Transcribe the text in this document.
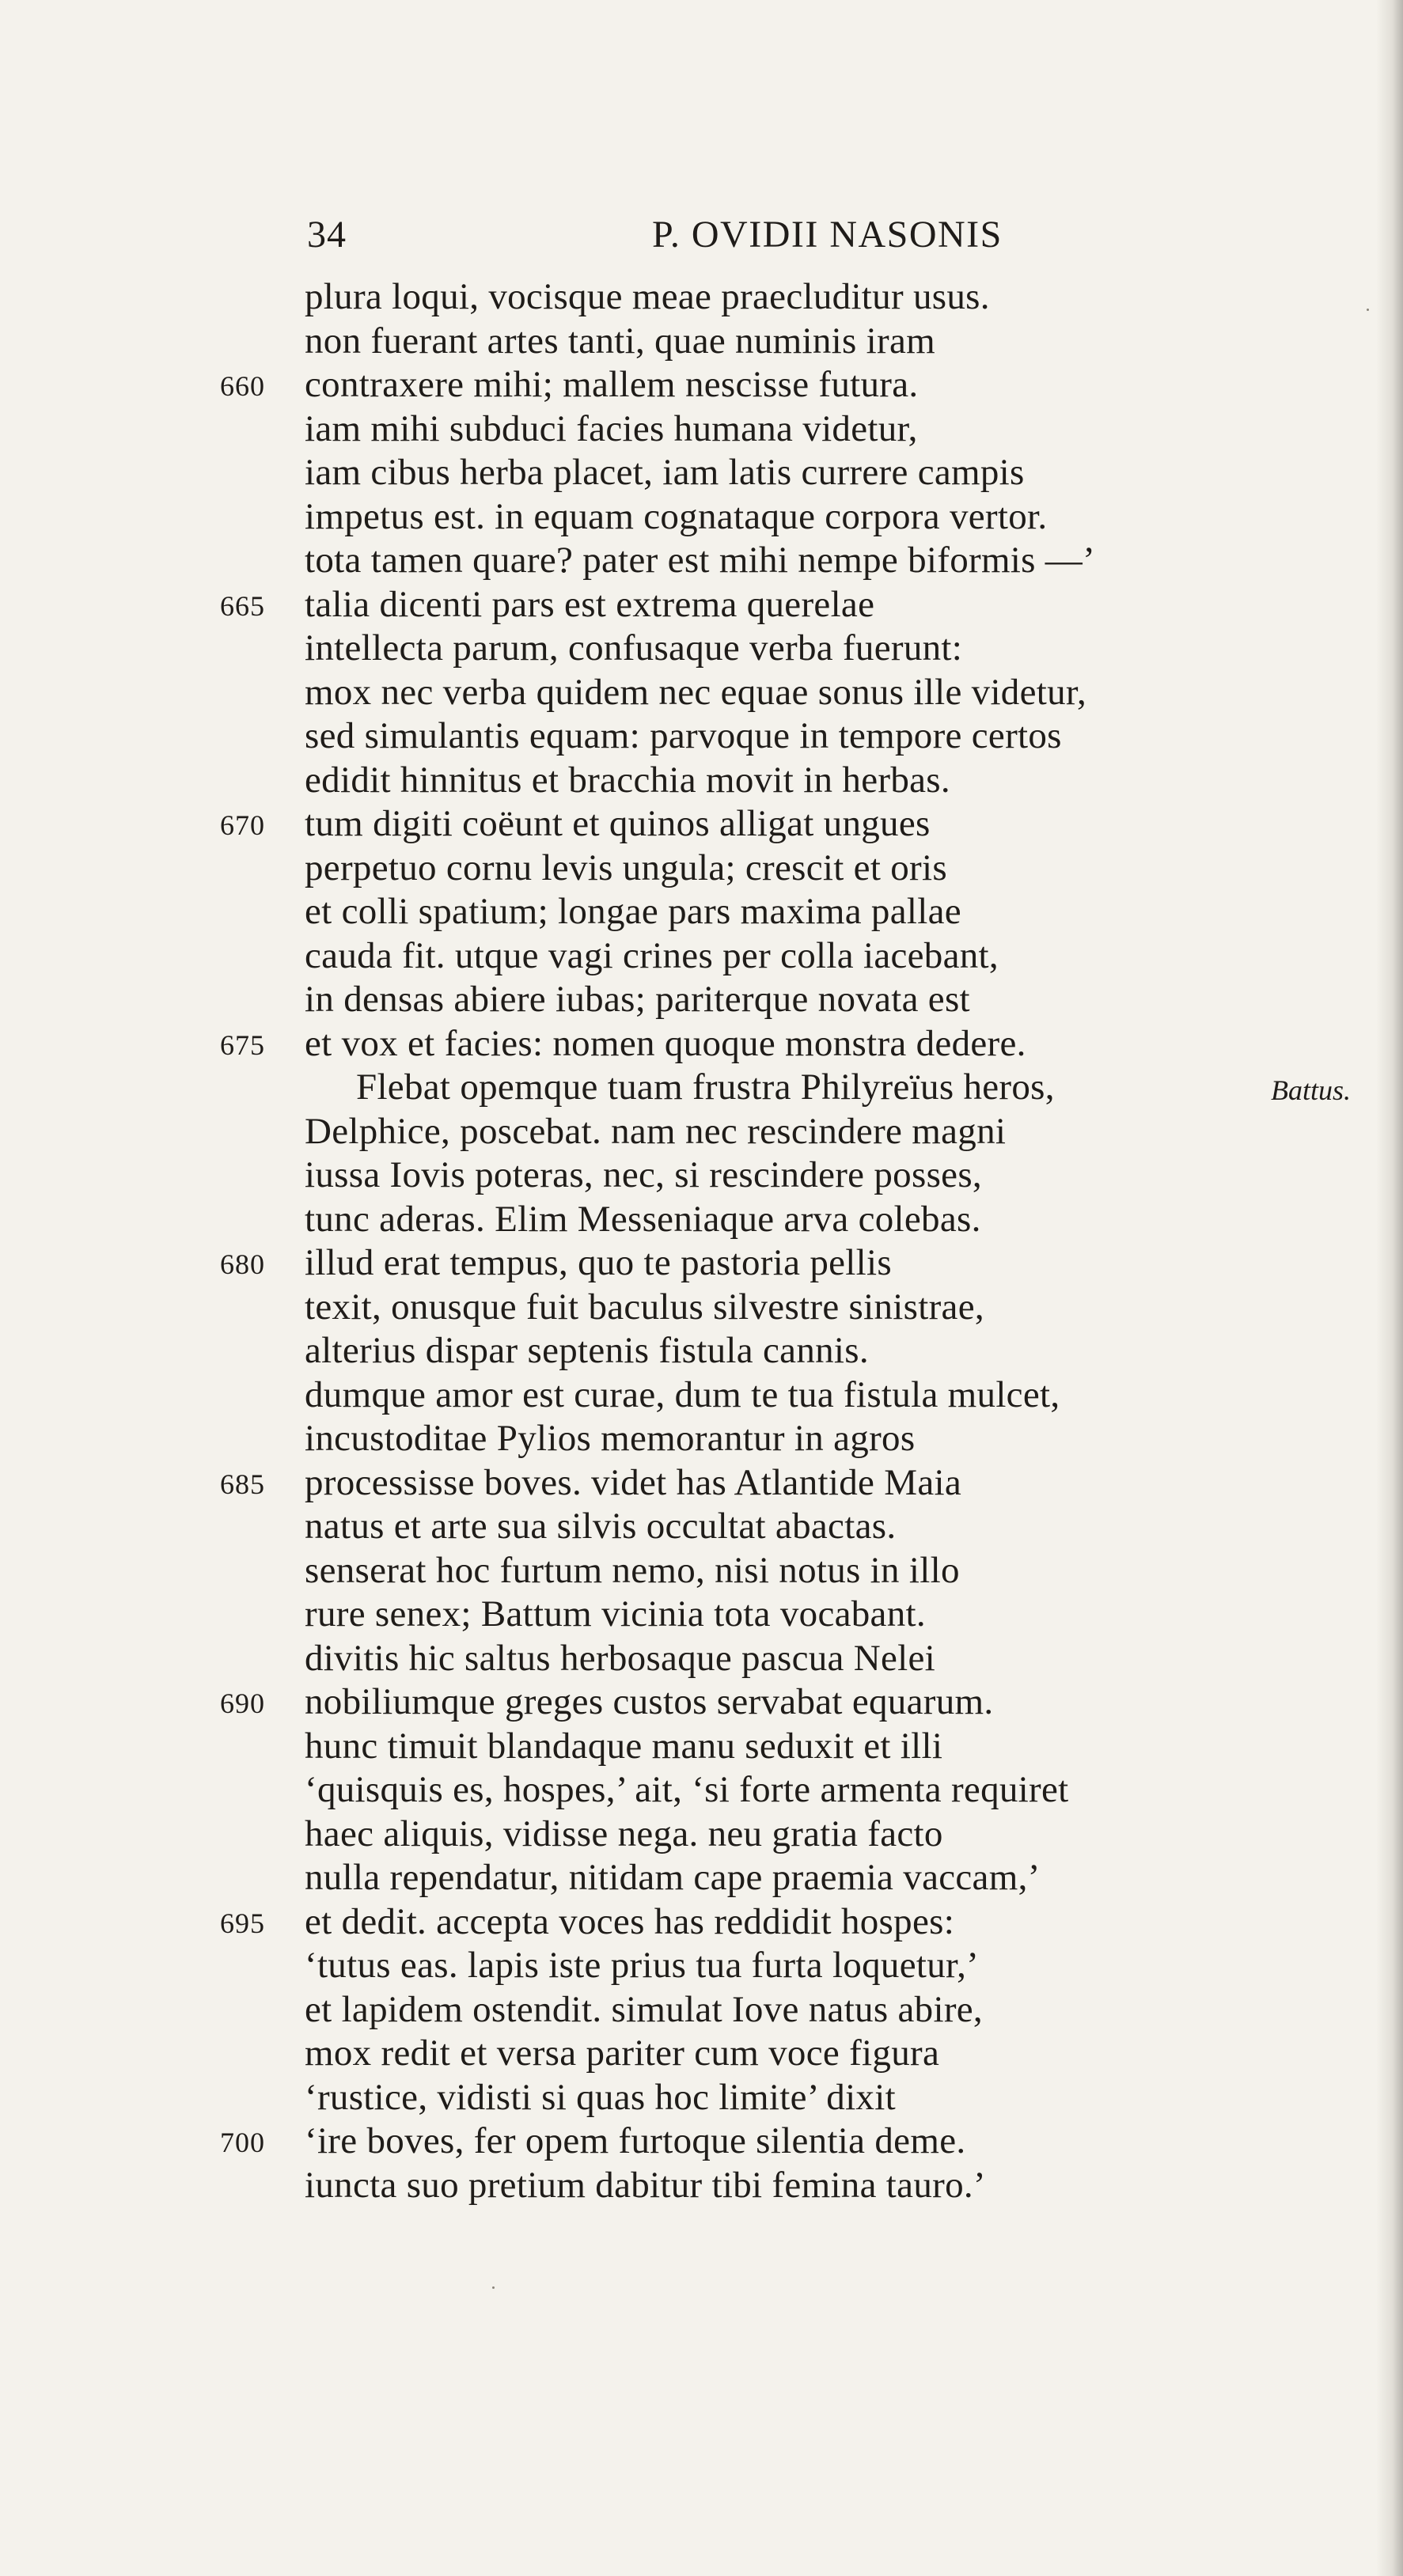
34	P. OVIDII NASONIS
plura loqui, vocisque meae praecluditur usus.
non fuerant artes tanti, quae numinis iram
660 contraxere mihi; mallem nescisse futura.
iam mihi subduci facies humana videtur,
iam cibus herba placet, iam latis currere campis
impetus est. in equam cognataque corpora vertor.
tota tamen quare? pater est mihi nempe biformis —’
665 talia dicenti pars est extrema querelae
intellecta parum, confusaque verba fuerunt:
mox nec verba quidem nec equae sonus ille videtur,
sed simulantis equam: parvoque in tempore certos
edidit hinnitus et bracchia movit in herbas.
670 tum digiti coëunt et quinos alligat ungues
perpetuo cornu levis ungula; crescit et oris
et colli spatium; longae pars maxima pallae
cauda fit. utque vagi crines per colla iacebant,
in densas abiere iubas; pariterque novata est
675 et vox et facies: nomen quoque monstra dedere.
Flebat opemque tuam frustra Philyreïus heros,	Battus.
Delphice, poscebat. nam nec rescindere magni
iussa Iovis poteras, nec, si rescindere posses,
tunc aderas. Elim Messeniaque arva colebas.
680 illud erat tempus, quo te pastoria pellis
texit, onusque fuit baculus silvestre sinistrae,
alterius dispar septenis fistula cannis.
dumque amor est curae, dum te tua fistula mulcet,
incustoditae Pylios memorantur in agros
685 processisse boves. videt has Atlantide Maia
natus et arte sua silvis occultat abactas.
senserat hoc furtum nemo, nisi notus in illo
rure senex; Battum vicinia tota vocabant.
divitis hic saltus herbosaque pascua Nelei
690 nobiliumque greges custos servabat equarum.
hunc timuit blandaque manu seduxit et illi
‘quisquis es, hospes,’ ait, ‘si forte armenta requiret
haec aliquis, vidisse nega. neu gratia facto
nulla rependatur, nitidam cape praemia vaccam,’
695 et dedit. accepta voces has reddidit hospes:
‘tutus eas. lapis iste prius tua furta loquetur,’
et lapidem ostendit. simulat Iove natus abire,
mox redit et versa pariter cum voce figura
‘rustice, vidisti si quas hoc limite’ dixit
700 ‘ire boves, fer opem furtoque silentia deme.
iuncta suo pretium dabitur tibi femina tauro.’
